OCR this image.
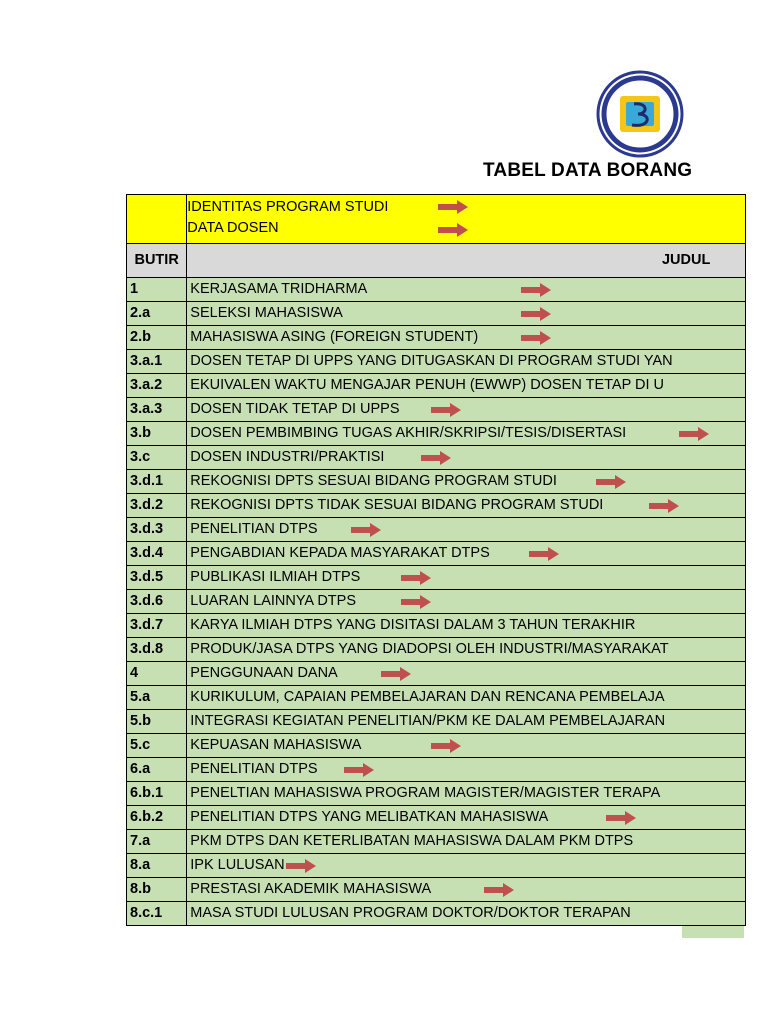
TABEL DATA BORANG

	IDENTITAS PROGRAM STUDI
DATA DOSEN

BUTIR	JUDUL
1	KERJASAMA TRIDHARMA

2.a	SELEKSI MAHASISWA

2.b	MAHASISWA ASING (FOREIGN STUDENT)

3.a.1	DOSEN TETAP DI UPPS YANG DITUGASKAN DI PROGRAM STUDI YAN

3.a.2	EKUIVALEN WAKTU MENGAJAR PENUH (EWWP) DOSEN TETAP DI U

3.a.3	DOSEN TIDAK TETAP DI UPPS

3.b	DOSEN PEMBIMBING TUGAS AKHIR/SKRIPSI/TESIS/DISERTASI

3.c	DOSEN INDUSTRI/PRAKTISI

3.d.1	REKOGNISI DPTS SESUAI BIDANG PROGRAM STUDI

3.d.2	REKOGNISI DPTS TIDAK SESUAI BIDANG PROGRAM STUDI

3.d.3	PENELITIAN DTPS

3.d.4	PENGABDIAN KEPADA MASYARAKAT DTPS

3.d.5	PUBLIKASI ILMIAH DTPS

3.d.6	LUARAN LAINNYA DTPS

3.d.7	KARYA ILMIAH DTPS YANG DISITASI DALAM 3 TAHUN TERAKHIR

3.d.8	PRODUK/JASA DTPS YANG DIADOPSI OLEH INDUSTRI/MASYARAKAT

4	PENGGUNAAN DANA

5.a	KURIKULUM, CAPAIAN PEMBELAJARAN DAN RENCANA PEMBELAJA

5.b	INTEGRASI KEGIATAN PENELITIAN/PKM KE DALAM PEMBELAJARAN

5.c	KEPUASAN MAHASISWA

6.a	PENELITIAN DTPS

6.b.1	PENELTIAN MAHASISWA PROGRAM MAGISTER/MAGISTER TERAPA

6.b.2	PENELITIAN DTPS YANG MELIBATKAN MAHASISWA

7.a	PKM DTPS DAN KETERLIBATAN MAHASISWA DALAM PKM DTPS

8.a	IPK LULUSAN

8.b	PRESTASI AKADEMIK MAHASISWA

8.c.1	MASA STUDI LULUSAN PROGRAM DOKTOR/DOKTOR TERAPAN
